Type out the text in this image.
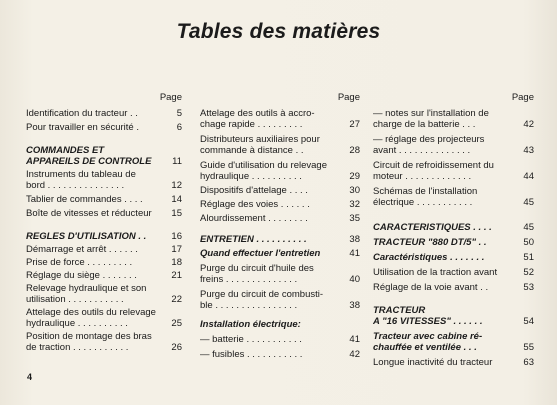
Tables des matières
Page
Identification du tracteur . .	5
Pour travailler en sécurité .	6
COMMANDES ET
APPAREILS DE CONTROLE	11
Instruments du tableau de
bord . . . . . . . . . . . . . . .	12
Tablier de commandes . . . .	14
Boîte de vitesses et réducteur	15
REGLES D'UTILISATION . .	16
Démarrage et arrêt . . . . . .	17
Prise de force . . . . . . . . .	18
Réglage du siège . . . . . . .	21
Relevage hydraulique et son
utilisation . . . . . . . . . . .	22
Attelage des outils du relevage
hydraulique . . . . . . . . . .	25
Position de montage des bras
de traction . . . . . . . . . . .	26
Page
Attelage des outils à accro-
chage rapide . . . . . . . . .	27
Distributeurs auxiliaires pour
commande à distance . .	28
Guide d'utilisation du relevage
hydraulique . . . . . . . . . .	29
Dispositifs d'attelage . . . .	30
Réglage des voies . . . . . .	32
Alourdissement . . . . . . . .	35
ENTRETIEN . . . . . . . . . .	38
Quand effectuer l'entretien	41
Purge du circuit d'huile des
freins . . . . . . . . . . . . . .	40
Purge du circuit de combusti-
ble . . . . . . . . . . . . . . . .	38
Installation électrique:
— batterie . . . . . . . . . . .	41
— fusibles . . . . . . . . . . .	42
Page
— notes sur l'installation de
charge de la batterie . . .	42
— réglage des projecteurs
avant . . . . . . . . . . . . . .	43
Circuit de refroidissement du
moteur . . . . . . . . . . . . .	44
Schémas de l'installation
électrique . . . . . . . . . . .	45
CARACTERISTIQUES . . . .	45
TRACTEUR "880 DT/5" . .	50
Caractéristiques . . . . . . .	51
Utilisation de la traction avant	52
Réglage de la voie avant . .	53
TRACTEUR
A "16 VITESSES" . . . . . .	54
Tracteur avec cabine ré-
chauffée et ventilée . . .	55
Longue inactivité du tracteur	63
4
